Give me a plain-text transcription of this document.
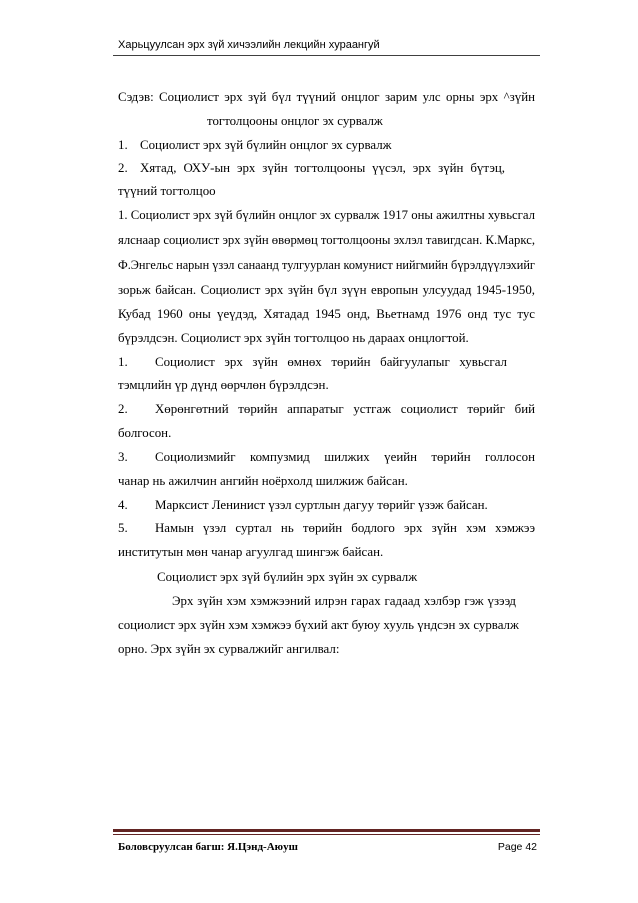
Харьцуулсан эрх зүй хичээлийн лекцийн хураангуй
Сэдэв: Социолист эрх зүй бүл түүний онцлог зарим улс орны эрх ^зүйн
тогтолцооны онцлог эх сурвалж
1. Социолист эрх зүй бүлийн онцлог эх сурвалж
2. Хятад, ОХУ-ын эрх зүйн тогтолцооны үүсэл, эрх зүйн бүтэц,
түүний тогтолцоо
1. Социолист эрх зүй бүлийн онцлог эх сурвалж 1917 оны ажилтны хувьсгал
ялснаар социолист эрх зүйн өвөрмөц тогтолцооны эхлэл тавигдсан. К.Маркс,
Ф.Энгельс нарын үзэл санаанд тулгуурлан комунист нийгмийн бүрэлдүүлэхийг
зорьж байсан. Социолист эрх зүйн бүл зүүн европын улсуудад 1945-1950,
Кубад 1960 оны үеүдэд, Хятадад 1945 онд, Вьетнамд 1976 онд тус тус
бүрэлдсэн. Социолист эрх зүйн тогтолцоо нь дараах онцлогтой.
1. Социолист эрх зүйн өмнөх төрийн байгуулапыг хувьсгал
тэмцлийн үр дүнд өөрчлөн бүрэлдсэн.
2. Хөрөнгөтний төрийн аппаратыг устгаж социолист төрийг бий
болгосон.
3. Социолизмийг компузмид шилжих үеийн төрийн голлосон
чанар нь ажилчин ангийн ноёрхолд шилжиж байсан.
4. Марксист Ленинист үзэл суртлын дагуу төрийг үзэж байсан.
5. Намын үзэл суртал нь төрийн бодлого эрх зүйн хэм хэмжээ
институтын мөн чанар агуулгад шингэж байсан.
Социолист эрх зүй бүлийн эрх зүйн эх сурвалж
Эрх зүйн хэм хэмжээний илрэн гарах гадаад хэлбэр гэж үзээд
социолист эрх зүйн хэм хэмжээ бүхий акт буюу хууль үндсэн эх сурвалж
орно. Эрх зүйн эх сурвалжийг ангилвал:
Боловсруулсан багш: Я.Цэнд-Аюуш	Page 42
